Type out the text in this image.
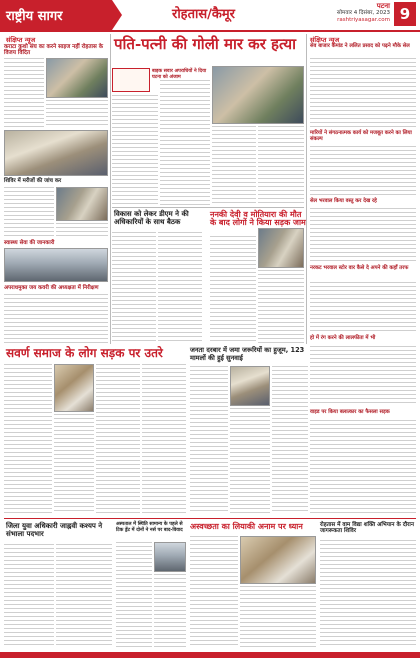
राष्ट्रीय सागर	रोहतास/कैमूर
पटना
सोमवार 4 दिसंबर, 2023
rashtriyasagar.com 9
संक्षिप्त न्यूज
कराटा कुशो संघ का करने साइज नहीं रोहतास के विजय विदित
शिविर में मरीजों की जांच कर
स्वास्थ्य सेवा की जानकारी
अपराधमुक्त जय कवरी की अध्यक्षता में निरीक्षण
सवर्ण समाज के लोग सड़क पर उतरे
पति-पत्नी की गोली मार कर हत्या
बाइक सवार अपराधियों ने दिया घटना को अंजाम
विकास को लेकर डीएम ने की अधिकारियों के साथ बैठक
ननकी देवी व मोतियारा की मौत के बाद लोगों ने किया सड़क जाम
जनता दरबार में जमा जरूरियों का हुजूम, 123 मामलों की हुई सुनवाई
संक्षिप्त न्यूज
सेव बाजार कमांड ने ललित प्रसाद को पढ़ने मौके सेल
मारियों ने संगठनात्मक कार्य को मजबूत करने का लिया संकल्प
सेल भरवाल किया वस्तु कर देख रहे
नरकट भरवाल स्टोर वार कैसे दे अपने की कहाँ तरफ
हो में रंग करने की लालफीता में भी
वाइड पर किया बलात्कार का फैसला सड़क
जिला युवा अधिकारी जाह्नवी कश्यप ने संभाला पदभार
अस्पताल में स्थिति सामान्य के पहले से टिक ड्रेंट में दोनों ने नर्स पर बाद-विवाद अस्वच्छता का लियाकी अनाम पर ध्यान	रोहतास में वाम विद्या शक्ति अभियान के दौरान जागरूकता शिविर
